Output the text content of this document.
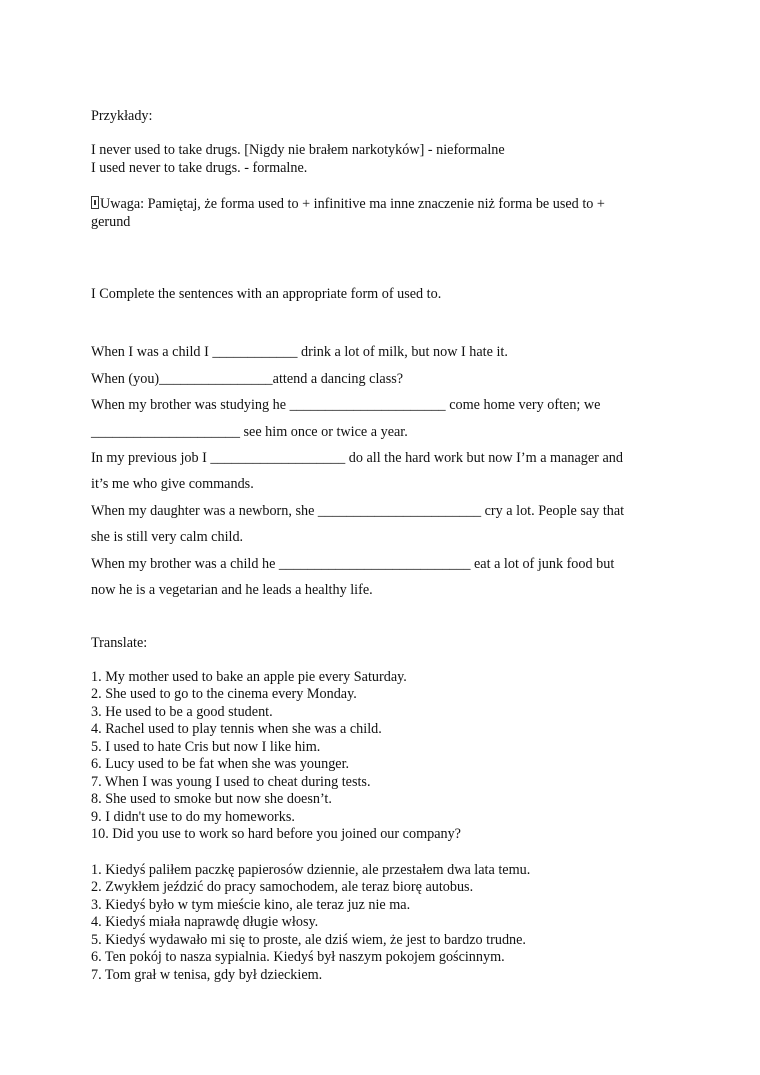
Przykłady:

I never used to take drugs. [Nigdy nie brałem narkotyków] - nieformalne

I used never to take drugs. - formalne.

Uwaga: Pamiętaj, że forma used to + infinitive ma inne znaczenie niż forma be used to +

gerund

I Complete the sentences with an appropriate form of used to.

When I was a child I ____________ drink a lot of milk, but now I hate it.

When (you)________________attend a dancing class?

When my brother was studying he ______________________ come home very often; we

_____________________ see him once or twice a year.

In my previous job I ___________________ do all the hard work but now I’m a manager and

it’s me who give commands.

When my daughter was a newborn, she _______________________ cry a lot. People say that

she is still very calm child.

When my brother was a child he ___________________________ eat a lot of junk food but

now he is a vegetarian and he leads a healthy life.

Translate:

1. My mother used to bake an apple pie every Saturday.
2. She used to go to the cinema every Monday.
3. He used to be a good student.
4. Rachel used to play tennis when she was a child.
5. I used to hate Cris but now I like him.
6. Lucy used to be fat when she was younger.
7. When I was young I used to cheat during tests.
8. She used to smoke but now she doesn’t.
9. I didn't use to do my homeworks.
10. Did you use to work so hard before you joined our company?
1. Kiedyś paliłem paczkę papierosów dziennie, ale przestałem dwa lata temu.
2. Zwykłem jeździć do pracy samochodem, ale teraz biorę autobus.
3. Kiedyś było w tym mieście kino, ale teraz juz nie ma.
4. Kiedyś miała naprawdę długie włosy.
5. Kiedyś wydawało mi się to proste, ale dziś wiem, że jest to bardzo trudne.
6. Ten pokój to nasza sypialnia. Kiedyś był naszym pokojem gościnnym.
7. Tom grał w tenisa, gdy był dzieckiem.
